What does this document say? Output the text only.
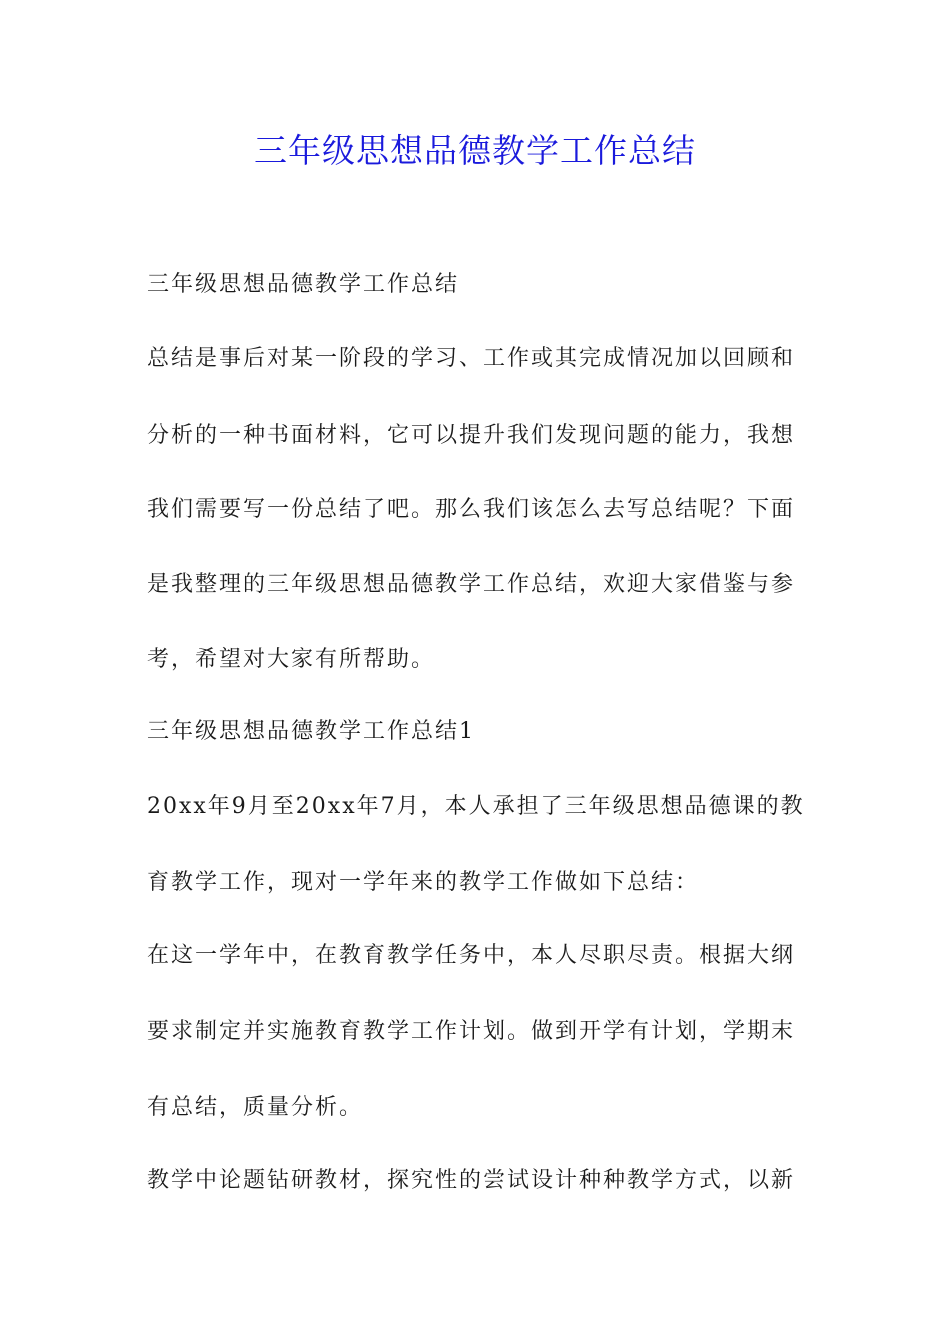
三年级思想品德教学工作总结
三年级思想品德教学工作总结
总结是事后对某一阶段的学习、工作或其完成情况加以回顾和
分析的一种书面材料，它可以提升我们发现问题的能力，我想
我们需要写一份总结了吧。那么我们该怎么去写总结呢？下面
是我整理的三年级思想品德教学工作总结，欢迎大家借鉴与参
考，希望对大家有所帮助。
三年级思想品德教学工作总结1
20xx年9月至20xx年7月，本人承担了三年级思想品德课的教
育教学工作，现对一学年来的教学工作做如下总结：
在这一学年中，在教育教学任务中，本人尽职尽责。根据大纲
要求制定并实施教育教学工作计划。做到开学有计划，学期末
有总结，质量分析。
教学中论题钻研教材，探究性的尝试设计种种教学方式，以新
